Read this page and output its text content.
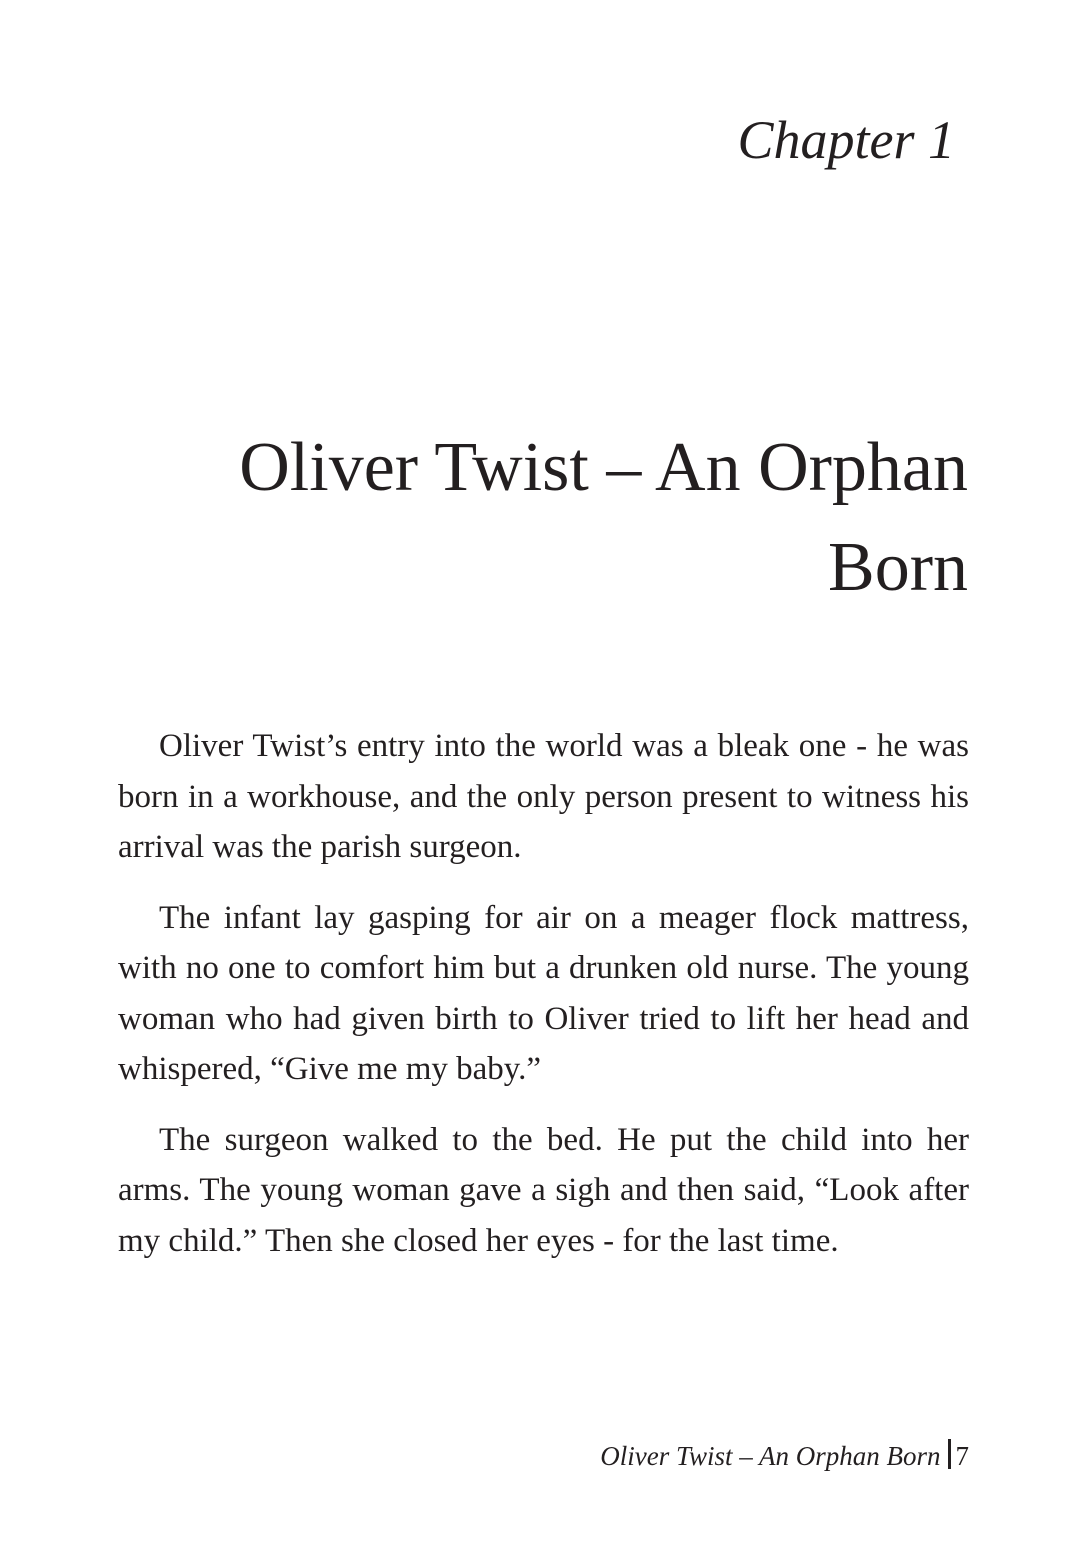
Chapter 1
Oliver Twist – An Orphan Born

Oliver Twist’s entry into the world was a bleak one - he was born in a workhouse, and the only person present to witness his arrival was the parish surgeon.

The infant lay gasping for air on a meager flock mattress, with no one to comfort him but a drunken old nurse. The young woman who had given birth to Oliver tried to lift her head and whispered, “Give me my baby.”

The surgeon walked to the bed. He put the child into her arms. The young woman gave a sigh and then said, “Look after my child.” Then she closed her eyes - for the last time.

Oliver Twist – An Orphan Born 7
